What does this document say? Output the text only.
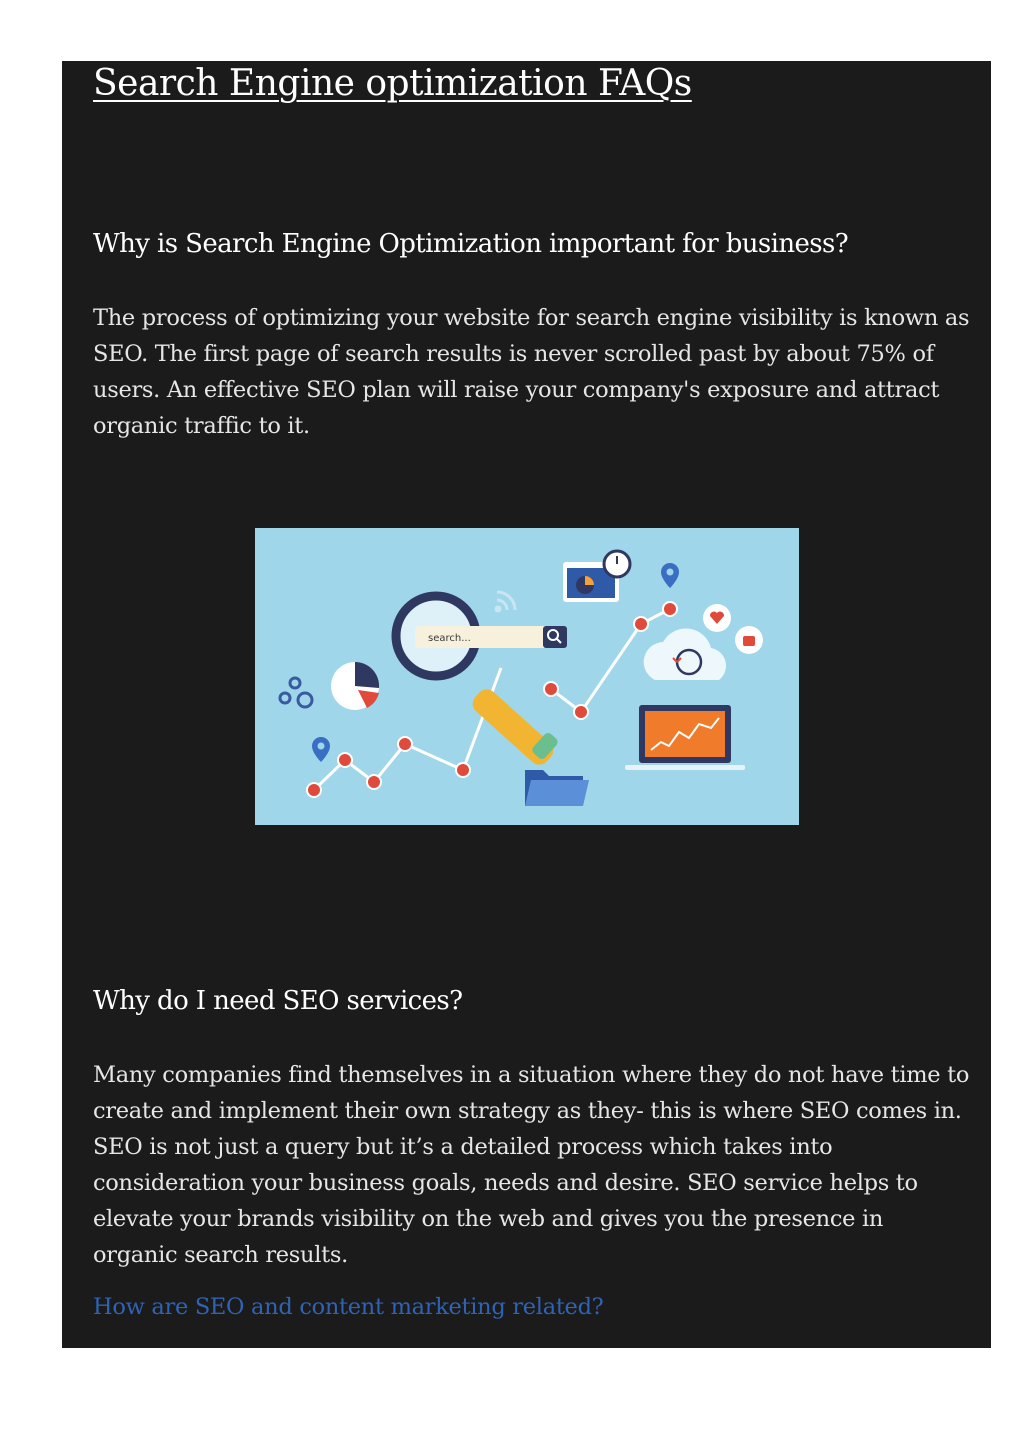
Search Engine optimization FAQs
Why is Search Engine Optimization important for business?

The process of optimizing your website for search engine visibility is known as SEO. The first page of search results is never scrolled past by about 75% of users. An effective SEO plan will raise your company's exposure and attract organic traffic to it.

search...
Why do I need SEO services?

Many companies find themselves in a situation where they do not have time to create and implement their own strategy as they- this is where SEO comes in. SEO is not just a query but it’s a detailed process which takes into consideration your business goals, needs and desire. SEO service helps to elevate your brands visibility on the web and gives you the presence in organic search results.

How are SEO and content marketing related?
